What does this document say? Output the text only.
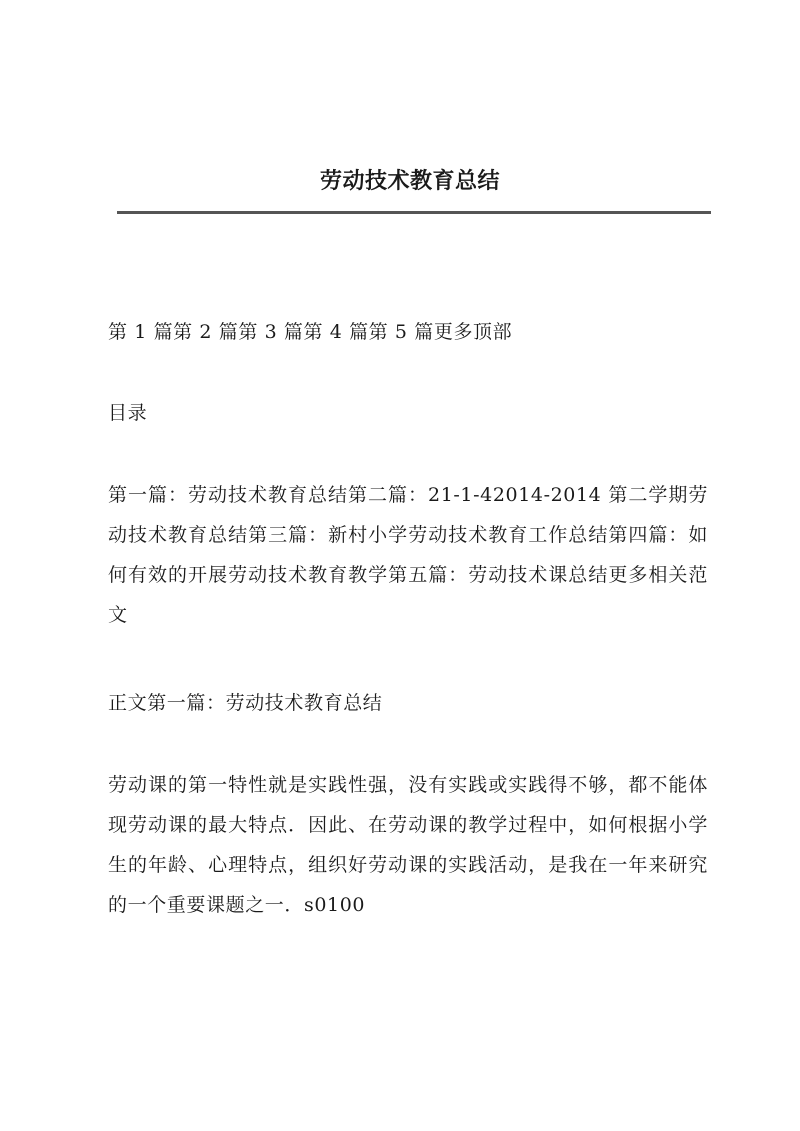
劳动技术教育总结
第 1 篇第 2 篇第 3 篇第 4 篇第 5 篇更多顶部
目录
第一篇：劳动技术教育总结第二篇：21-1-42014-2014 第二学期劳动技术教育总结第三篇：新村小学劳动技术教育工作总结第四篇：如何有效的开展劳动技术教育教学第五篇：劳动技术课总结更多相关范文
正文第一篇：劳动技术教育总结
劳动课的第一特性就是实践性强，没有实践或实践得不够，都不能体现劳动课的最大特点．因此、在劳动课的教学过程中，如何根据小学生的年龄、心理特点，组织好劳动课的实践活动，是我在一年来研究的一个重要课题之一．s0100
